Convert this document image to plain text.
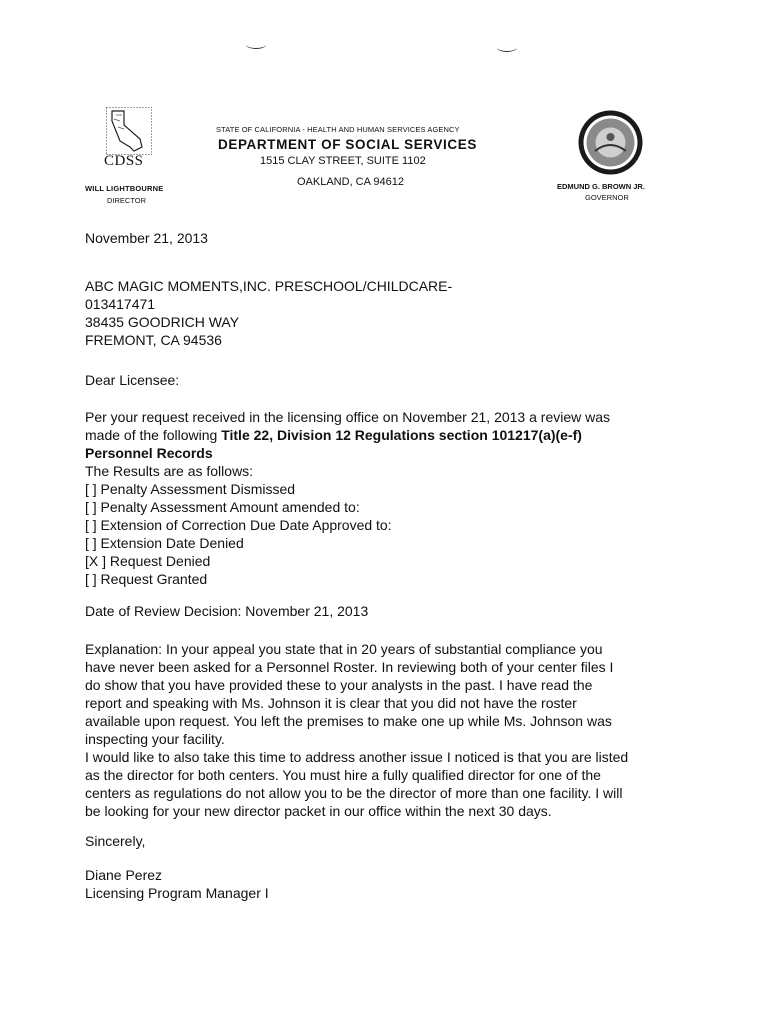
CDSS
WILL LIGHTBOURNE
DIRECTOR
STATE OF CALIFORNIA - HEALTH AND HUMAN SERVICES AGENCY
DEPARTMENT OF SOCIAL SERVICES
1515 CLAY STREET, SUITE 1102
OAKLAND, CA 94612	EDMUND G. BROWN JR.
GOVERNOR
November 21, 2013
ABC MAGIC MOMENTS,INC. PRESCHOOL/CHILDCARE-
013417471
38435 GOODRICH WAY
FREMONT, CA 94536
Dear Licensee:
Per your request received in the licensing office on November 21, 2013 a review was
made of the following Title 22, Division 12 Regulations section 101217(a)(e-f)
Personnel Records
The Results are as follows:
[ ] Penalty Assessment Dismissed
[ ] Penalty Assessment Amount amended to:
[ ] Extension of Correction Due Date Approved to:
[ ] Extension Date Denied
[X ] Request Denied
[ ] Request Granted
Date of Review Decision: November 21, 2013
Explanation: In your appeal you state that in 20 years of substantial compliance you
have never been asked for a Personnel Roster. In reviewing both of your center files I
do show that you have provided these to your analysts in the past. I have read the
report and speaking with Ms. Johnson it is clear that you did not have the roster
available upon request. You left the premises to make one up while Ms. Johnson was
inspecting your facility.
I would like to also take this time to address another issue I noticed is that you are listed
as the director for both centers. You must hire a fully qualified director for one of the
centers as regulations do not allow you to be the director of more than one facility. I will
be looking for your new director packet in our office within the next 30 days.
Sincerely,
Diane Perez
Licensing Program Manager I
